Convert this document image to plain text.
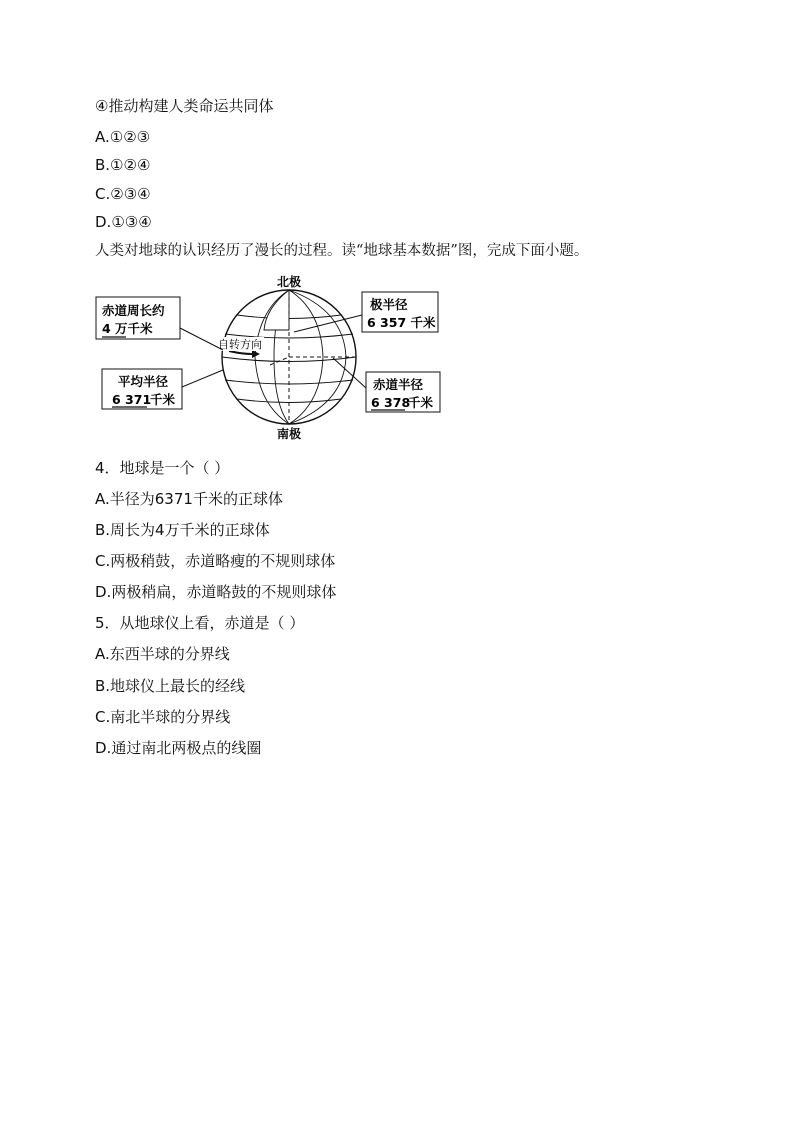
④推动构建人类命运共同体
A.①②③
B.①②④
C.②③④
D.①③④
人类对地球的认识经历了漫长的过程。读“地球基本数据”图，完成下面小题。
自转方向
北极
南极
赤道周长约
4 万千米
平均半径
6 371
千米
极半径
6 357 千米
赤道半径
6 378
千米
4．地球是一个（ ）
A.半径为6371千米的正球体
B.周长为4万千米的正球体
C.两极稍鼓，赤道略瘦的不规则球体
D.两极稍扁，赤道略鼓的不规则球体
5．从地球仪上看，赤道是（ ）
A.东西半球的分界线
B.地球仪上最长的经线
C.南北半球的分界线
D.通过南北两极点的线圈
